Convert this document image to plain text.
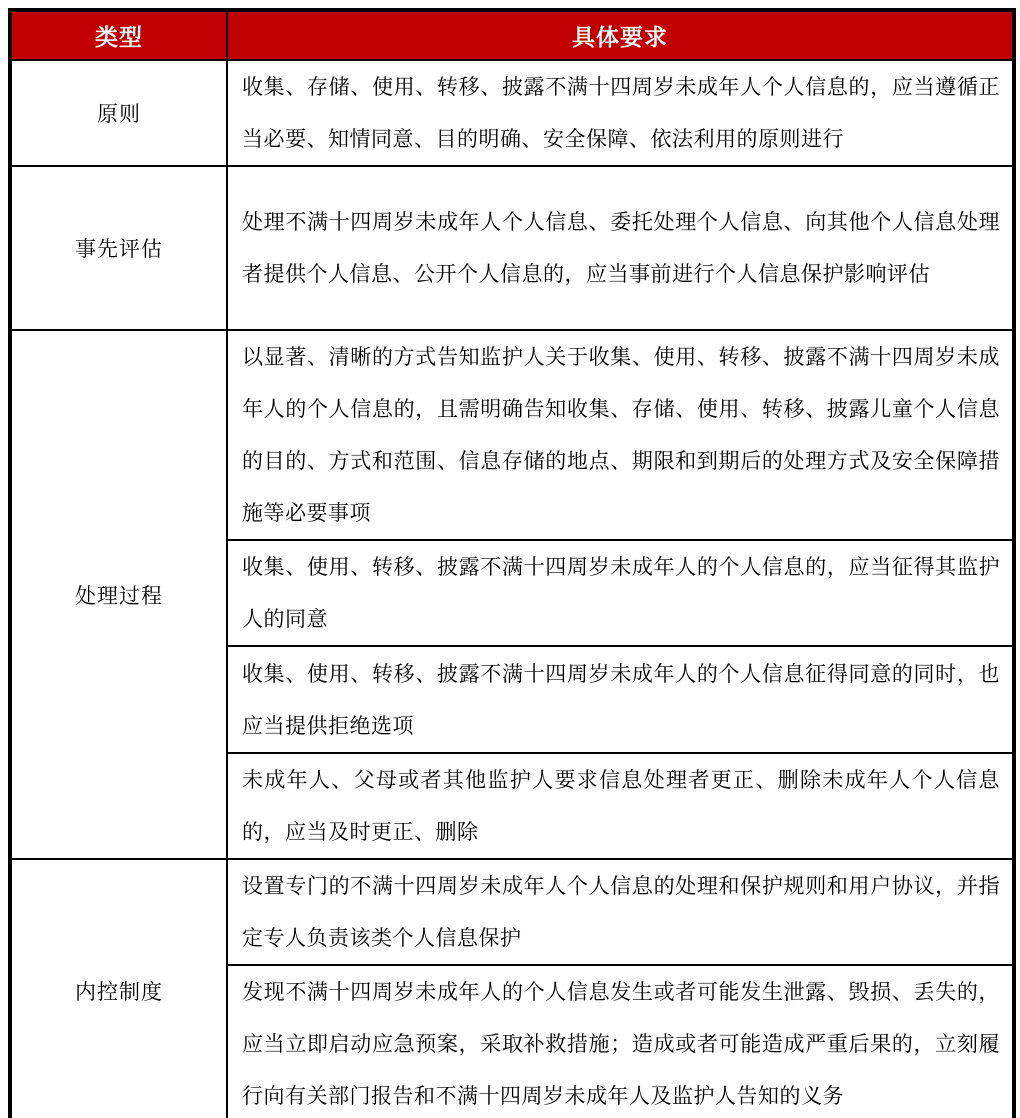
类型	具体要求
原则	收集、存储、使用、转移、披露不满十四周岁未成年人个人信息的，应当遵循正当必要、知情同意、目的明确、安全保障、依法利用的原则进行
事先评估	处理不满十四周岁未成年人个人信息、委托处理个人信息、向其他个人信息处理者提供个人信息、公开个人信息的，应当事前进行个人信息保护影响评估
处理过程	以显著、清晰的方式告知监护人关于收集、使用、转移、披露不满十四周岁未成年人的个人信息的，且需明确告知收集、存储、使用、转移、披露儿童个人信息的目的、方式和范围、信息存储的地点、期限和到期后的处理方式及安全保障措施等必要事项
	收集、使用、转移、披露不满十四周岁未成年人的个人信息的，应当征得其监护人的同意
	收集、使用、转移、披露不满十四周岁未成年人的个人信息征得同意的同时，也应当提供拒绝选项
	未成年人、父母或者其他监护人要求信息处理者更正、删除未成年人个人信息的，应当及时更正、删除
内控制度	设置专门的不满十四周岁未成年人个人信息的处理和保护规则和用户协议，并指定专人负责该类个人信息保护
	发现不满十四周岁未成年人的个人信息发生或者可能发生泄露、毁损、丢失的，应当立即启动应急预案，采取补救措施；造成或者可能造成严重后果的，立刻履行向有关部门报告和不满十四周岁未成年人及监护人告知的义务
